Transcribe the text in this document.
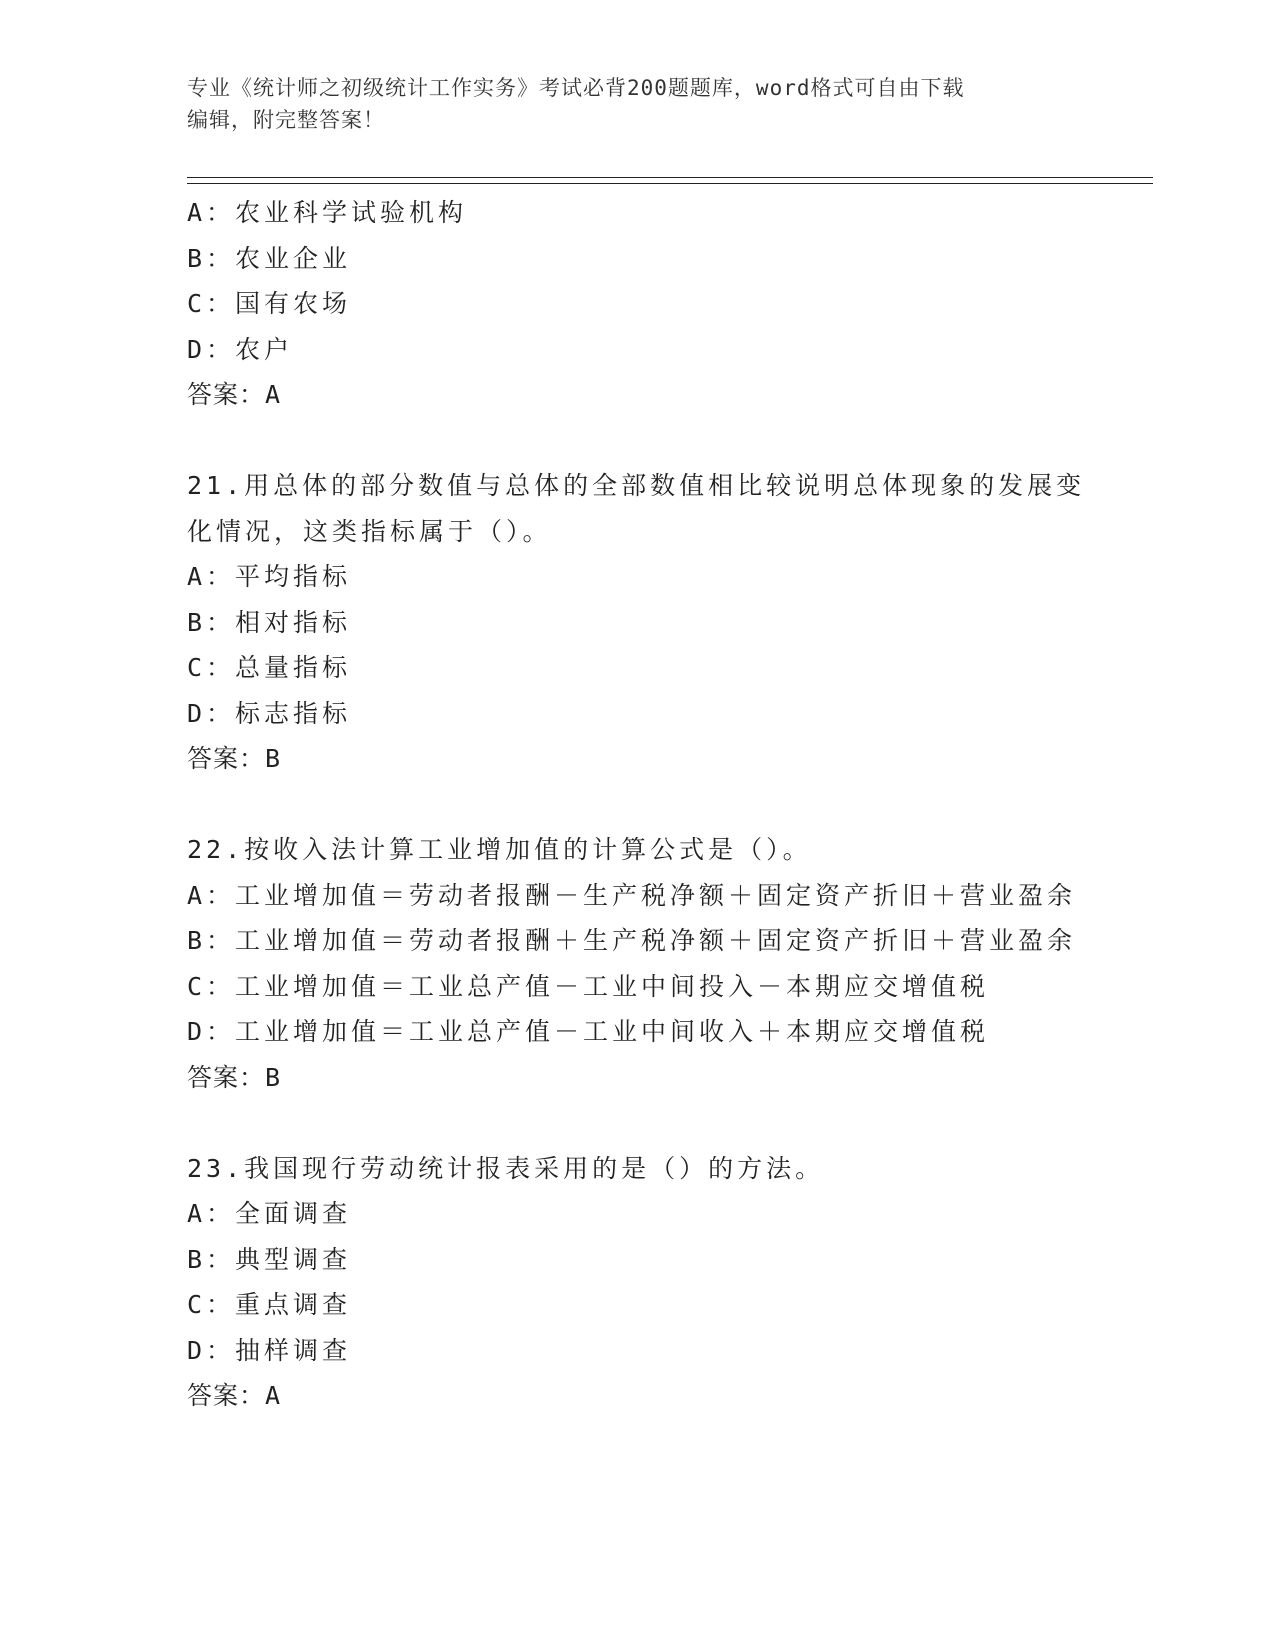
专业《统计师之初级统计工作实务》考试必背200题题库，word格式可自由下载
编辑，附完整答案！
A：农业科学试验机构
B：农业企业
C：国有农场
D：农户
答案：A
21.用总体的部分数值与总体的全部数值相比较说明总体现象的发展变
化情况，这类指标属于（）。
A：平均指标
B：相对指标
C：总量指标
D：标志指标
答案：B
22.按收入法计算工业增加值的计算公式是（）。
A：工业增加值＝劳动者报酬－生产税净额＋固定资产折旧＋营业盈余
B：工业增加值＝劳动者报酬＋生产税净额＋固定资产折旧＋营业盈余
C：工业增加值＝工业总产值－工业中间投入－本期应交增值税
D：工业增加值＝工业总产值－工业中间收入＋本期应交增值税
答案：B
23.我国现行劳动统计报表采用的是（）的方法。
A：全面调查
B：典型调查
C：重点调查
D：抽样调查
答案：A
